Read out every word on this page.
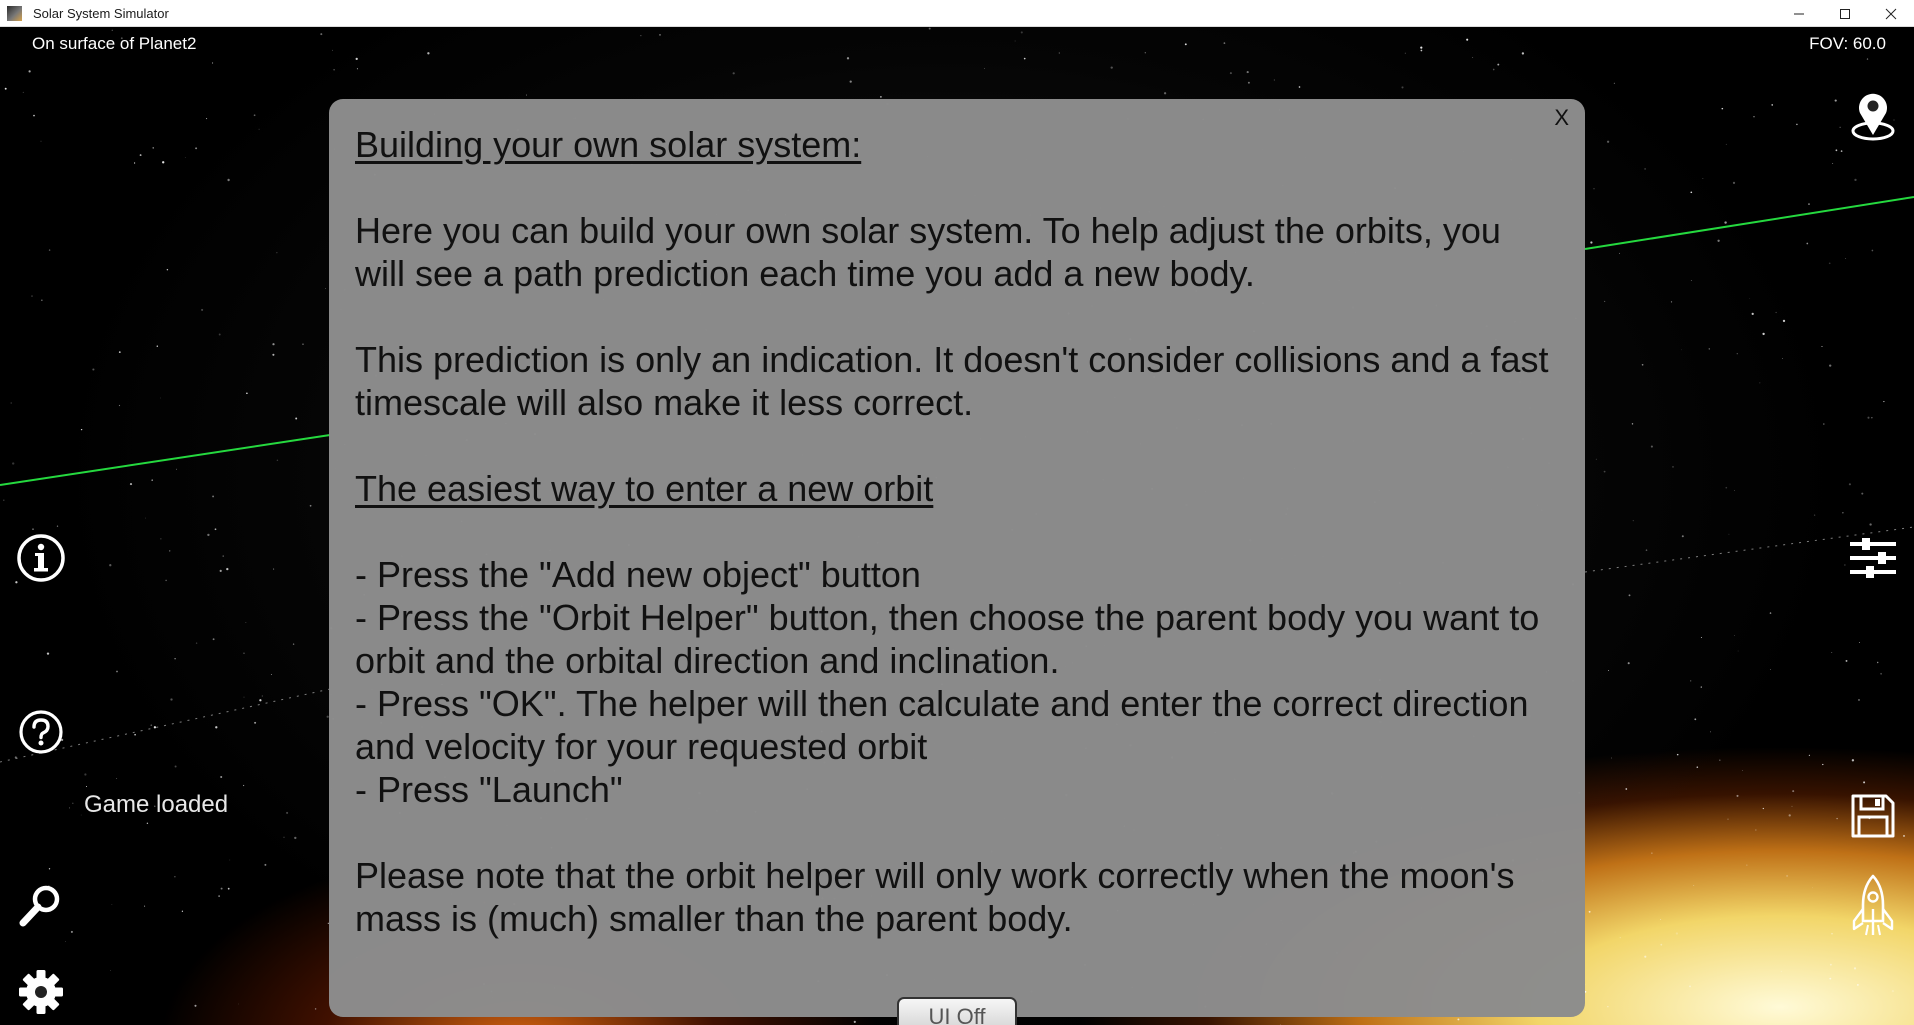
Solar System Simulator
On surface of Planet2	FOV: 60.0
Game loaded
X

Building your own solar system:

Here you can build your own solar system. To help adjust the orbits, you will see a path prediction each time you add a new body.

This prediction is only an indication. It doesn't consider collisions and a fast timescale will also make it less correct.

The easiest way to enter a new orbit

- Press the "Add new object" button

- Press the "Orbit Helper" button, then choose the parent body you want to orbit and the orbital direction and inclination.

- Press "OK". The helper will then calculate and enter the correct direction and velocity for your requested orbit

- Press "Launch"

Please note that the orbit helper will only work correctly when the moon's mass is (much) smaller than the parent body.

UI Off
